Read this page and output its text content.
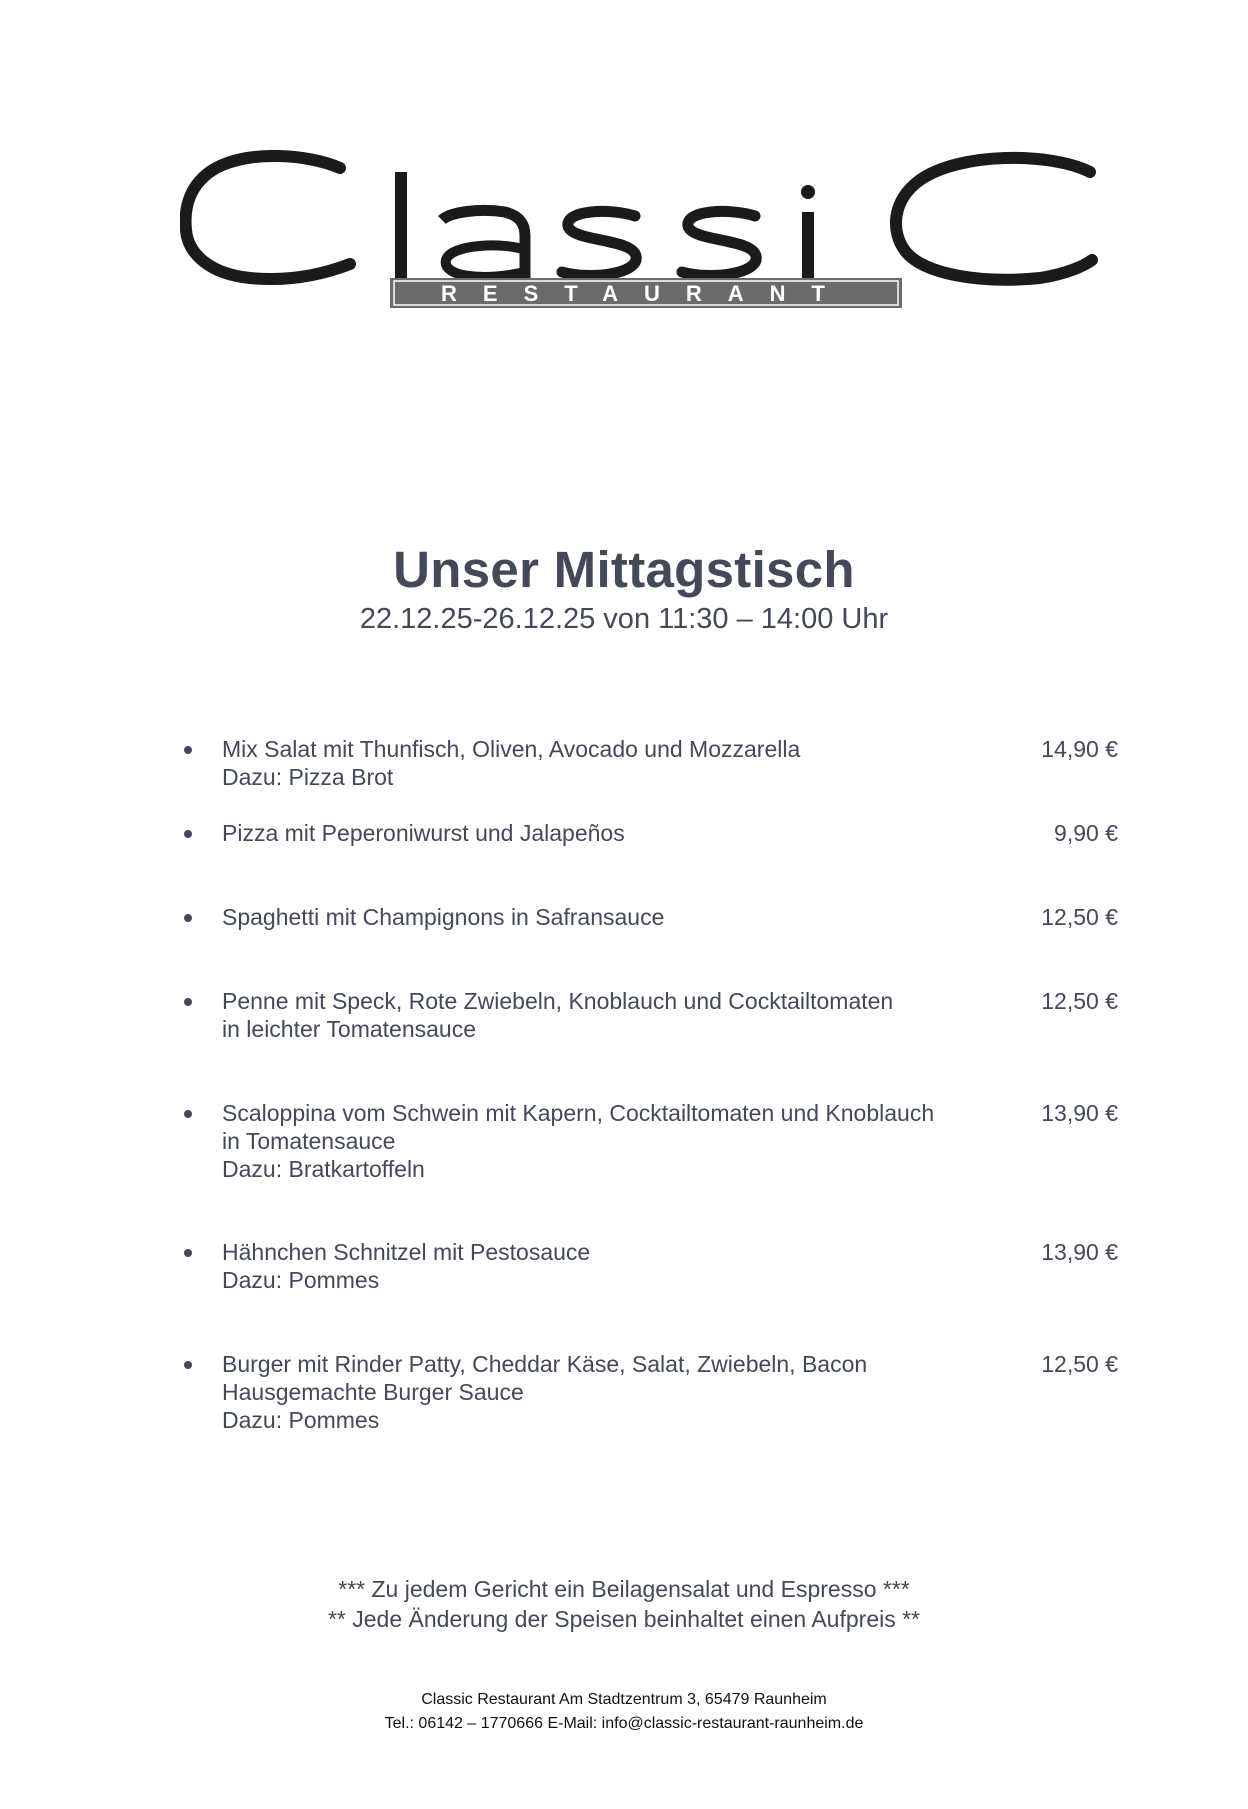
RESTAURANT
Unser Mittagstisch
22.12.25-26.12.25 von 11:30 – 14:00 Uhr
Mix Salat mit Thunfisch, Oliven, Avocado und Mozzarella
Dazu: Pizza Brot
14,90 €
Pizza mit Peperoniwurst und Jalapeños	9,90 €
Spaghetti mit Champignons in Safransauce	12,50 €
Penne mit Speck, Rote Zwiebeln, Knoblauch und Cocktailtomaten
in leichter Tomatensauce
12,50 €
Scaloppina vom Schwein mit Kapern, Cocktailtomaten und Knoblauch
in Tomatensauce
Dazu: Bratkartoffeln
13,90 €
Hähnchen Schnitzel mit Pestosauce
Dazu: Pommes
13,90 €
Burger mit Rinder Patty, Cheddar Käse, Salat, Zwiebeln, Bacon
Hausgemachte Burger Sauce
Dazu: Pommes
12,50 €
*** Zu jedem Gericht ein Beilagensalat und Espresso ***
** Jede Änderung der Speisen beinhaltet einen Aufpreis **
Classic Restaurant Am Stadtzentrum 3, 65479 Raunheim
Tel.: 06142 – 1770666 E-Mail: info@classic-restaurant-raunheim.de
